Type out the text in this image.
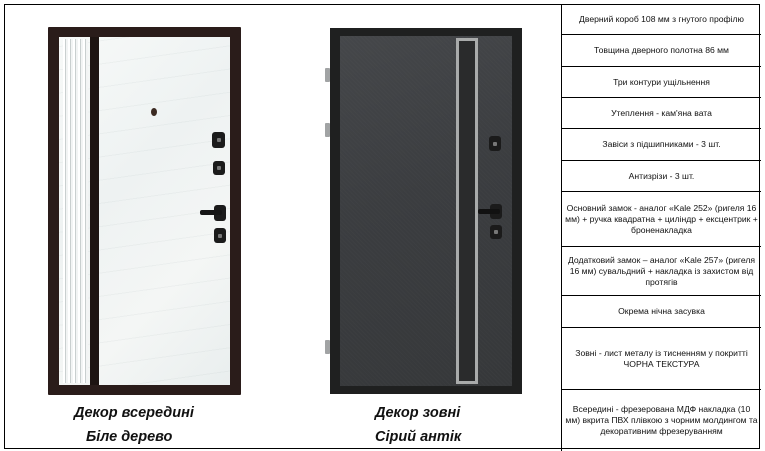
Декор всередині
Біле дерево
Декор зовні
Сірий антік
Дверний короб 108 мм з гнутого профілю
Товщина дверного полотна 86 мм
Три контури ущільнення
Утеплення - кам'яна вата
Завіси з підшипниками - 3 шт.
Антизрізи - 3 шт.
Основний замок - аналог «Kale 252» (ригеля 16 мм) + ручка квадратна + циліндр + ексцентрик + броненакладка
Додатковий замок – аналог «Kale 257» (ригеля 16 мм) сувальдний + накладка із захистом від протягів
Окрема нічна засувка
Зовні - лист металу із тисненням у покритті ЧОРНА ТЕКСТУРА
Всередині - фрезерована МДФ накладка (10 мм) вкрита ПВХ плівкою з чорним молдингом та декоративним фрезеруванням
